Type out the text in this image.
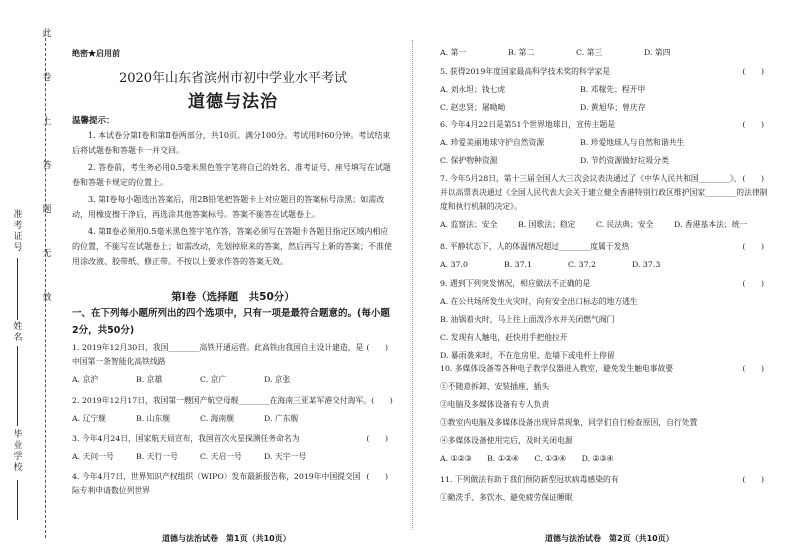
准考证号
姓名
毕业学校
此
卷
上
答
题
无
效
绝密★启用前
2020年山东省滨州市初中学业水平考试
道德与法治
温馨提示：

1. 本试卷分第Ⅰ卷和第Ⅱ卷两部分，共10页。满分100分。考试用时60分钟。考试结束后将试题卷和答题卡一并交回。

2. 答卷前，考生务必用0.5毫米黑色签字笔将自己的姓名、准考证号、座号填写在试题卷和答题卡规定的位置上。

3. 第Ⅰ卷每小题选出答案后，用2B铅笔把答题卡上对应题目的答案标号涂黑；如需改动，用橡皮擦干净后，再选涂其他答案标号。答案不能答在试题卷上。

4. 第Ⅱ卷必须用0.5毫米黑色签字笔作答，答案必须写在答题卡各题目指定区域内相应的位置，不能写在试题卷上；如需改动，先划掉原来的答案，然后再写上新的答案；不准使用涂改液、胶带纸、修正带。不按以上要求作答的答案无效。

第Ⅰ卷（选择题　共50分）
一、在下列每小题所列出的四个选项中，只有一项是最符合题意的。(每小题2分，共50分)

(　　)
1. 2019年12月30日，我国________高铁开通运营。此高铁由我国自主设计建造，是中国第一条智能化高铁线路

A. 京沪	B. 京雄	C. 京广	D. 京张

2. 2019年12月17日，我国第一艘国产航空母舰________在海南三亚某军港交付海军。(　　)

A. 辽宁舰	B. 山东舰	C. 海南舰	D. 广东舰

(　　)
3. 今年4月24日，国家航天局宣布，我国首次火星探测任务命名为

A. 天问一号	B. 天行一号	C. 天启一号	D. 天宇一号

(　　)
4. 今年4月7日，世界知识产权组织（WIPO）发布最新报告称，2019年中国提交国际专利申请数位列世界

道德与法治试卷　第1页（共10页）
A. 第一	B. 第二	C. 第三	D. 第四

(　　)
5. 获得2019年度国家最高科学技术奖的科学家是

A. 刘永坦；钱七虎	B. 邓稼先；程开甲
C. 赵忠贤；屠呦呦	D. 黄旭华；曾庆存

(　　)
6. 今年4月22日是第51个世界地球日，宣传主题是

A. 珍爱美丽地球守护自然资源	B. 珍爱地球人与自然和谐共生
C. 保护物种资源	D. 节约资源做好垃圾分类

(　　)
7. 今年5月28日，第十三届全国人大三次会议表决通过了《中华人民共和国________》，并以高票表决通过《全国人民代表大会关于建立健全香港特别行政区维护国家________的法律制度和执行机制的决定》。

A. 监察法；安全	B. 国歌法；稳定	C. 民法典；安全	D. 香港基本法；统一

(　　)
8. 平静状态下，人的体温情况超过________度属于发热

A. 37.0	B. 37.1	C. 37.2	D. 37.3

(　　)
9. 遇到下列突发情况，相应做法不正确的是

A. 在公共场所发生火灾时，向有安全出口标志的地方逃生
B. 油锅着火时，马上往上面泼冷水并关闭燃气阀门
C. 发现有人触电，赶快用手把他拉开
D. 暴雨袭来时，不在危房里、危墙下或电杆上停留

(　　)
10. 多媒体设备等各种电子教学仪器进入教室，避免发生触电事故要

①不随意拆卸、安装插座、插头
②电脑及多媒体设备有专人负责
③教室内电脑及多媒体设备出现异常现象，同学们自行检查原因，自行处置
④多媒体设备使用完后，及时关闭电源
A. ①②③　　B. ①②④　　C. ①③④　　D. ②③④

(　　)
11. 下列做法有助于我们预防新型冠状病毒感染的有

①勤洗手、多饮水、避免疲劳保证睡眠
道德与法治试卷　第2页（共10页）
